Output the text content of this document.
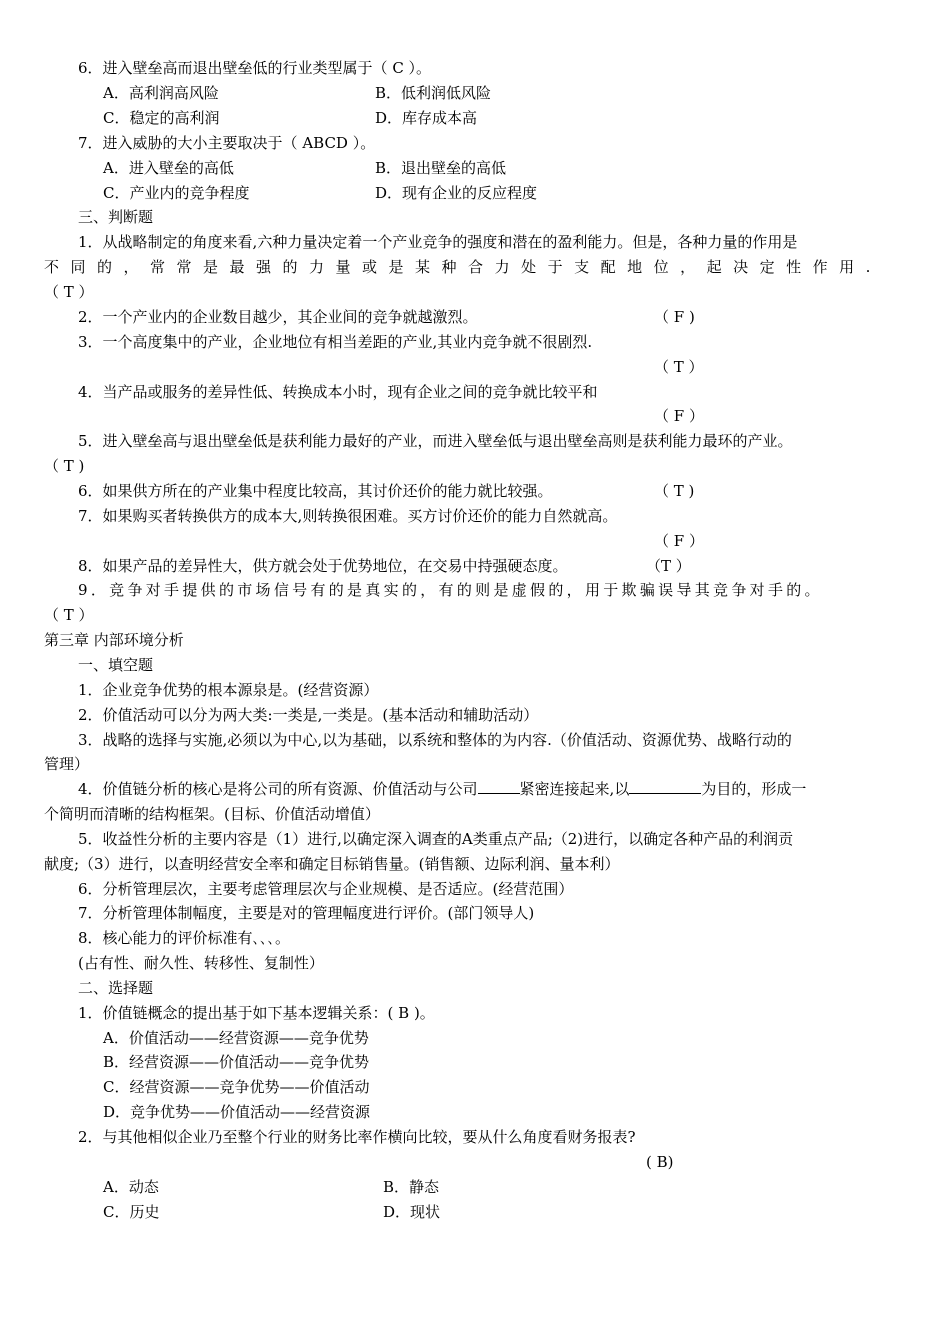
6．进入壁垒高而退出壁垒低的行业类型属于（ C ）。
A．高利润高风险	B．低利润低风险
C．稳定的高利润	D．库存成本高
7．进入威胁的大小主要取决于（ ABCD ）。
A．进入壁垒的高低	B．退出壁垒的高低
C．产业内的竞争程度	D．现有企业的反应程度
三、判断题
1．从战略制定的角度来看,六种力量决定着一个产业竞争的强度和潜在的盈利能力。但是，各种力量的作用是
不同的，常常是最强的力量或是某种合力处于支配地位，起决定性作用.
（ T ）
2．一个产业内的企业数目越少，其企业间的竞争就越激烈。	（ F )
3．一个高度集中的产业，企业地位有相当差距的产业,其业内竞争就不很剧烈.
（ T ）
4．当产品或服务的差异性低、转换成本小时，现有企业之间的竞争就比较平和
（ F ）
5．进入壁垒高与退出壁垒低是获利能力最好的产业，而进入壁垒低与退出壁垒高则是获利能力最环的产业。
（ T )
6．如果供方所在的产业集中程度比较高，其讨价还价的能力就比较强。	（ T )
7．如果购买者转换供方的成本大,则转换很困难。买方讨价还价的能力自然就高。
（ F ）
8．如果产品的差异性大，供方就会处于优势地位，在交易中持强硬态度。	（T ）
9．竞争对手提供的市场信号有的是真实的，有的则是虚假的，用于欺骗误导其竞争对手的。
（ T ）
第三章 内部环境分析
一、填空题
1．企业竞争优势的根本源泉是。(经营资源）
2．价值活动可以分为两大类:一类是,一类是。(基本活动和辅助活动）
3．战略的选择与实施,必须以为中心,以为基础，以系统和整体的为内容.（价值活动、资源优势、战略行动的
管理）
4．价值链分析的核心是将公司的所有资源、价值活动与公司	紧密连接起来,以	为目的，形成一
个简明而清晰的结构框架。(目标、价值活动增值）
5．收益性分析的主要内容是（1）进行,以确定深入调查的A类重点产品;（2)进行，以确定各种产品的利润贡
献度;（3）进行，以查明经营安全率和确定目标销售量。(销售额、边际利润、量本利）
6．分析管理层次，主要考虑管理层次与企业规模、是否适应。(经营范围）
7．分析管理体制幅度，主要是对的管理幅度进行评价。(部门领导人)
8．核心能力的评价标准有､､､。
(占有性、耐久性、转移性、复制性）
二、选择题
1．价值链概念的提出基于如下基本逻辑关系：( B )。
A．价值活动——经营资源——竞争优势
B．经营资源——价值活动——竞争优势
C．经营资源——竞争优势——价值活动
D．竞争优势——价值活动——经营资源
2．与其他相似企业乃至整个行业的财务比率作横向比较，要从什么角度看财务报表?
( B)
A．动态	B．静态
C．历史	D．现状
